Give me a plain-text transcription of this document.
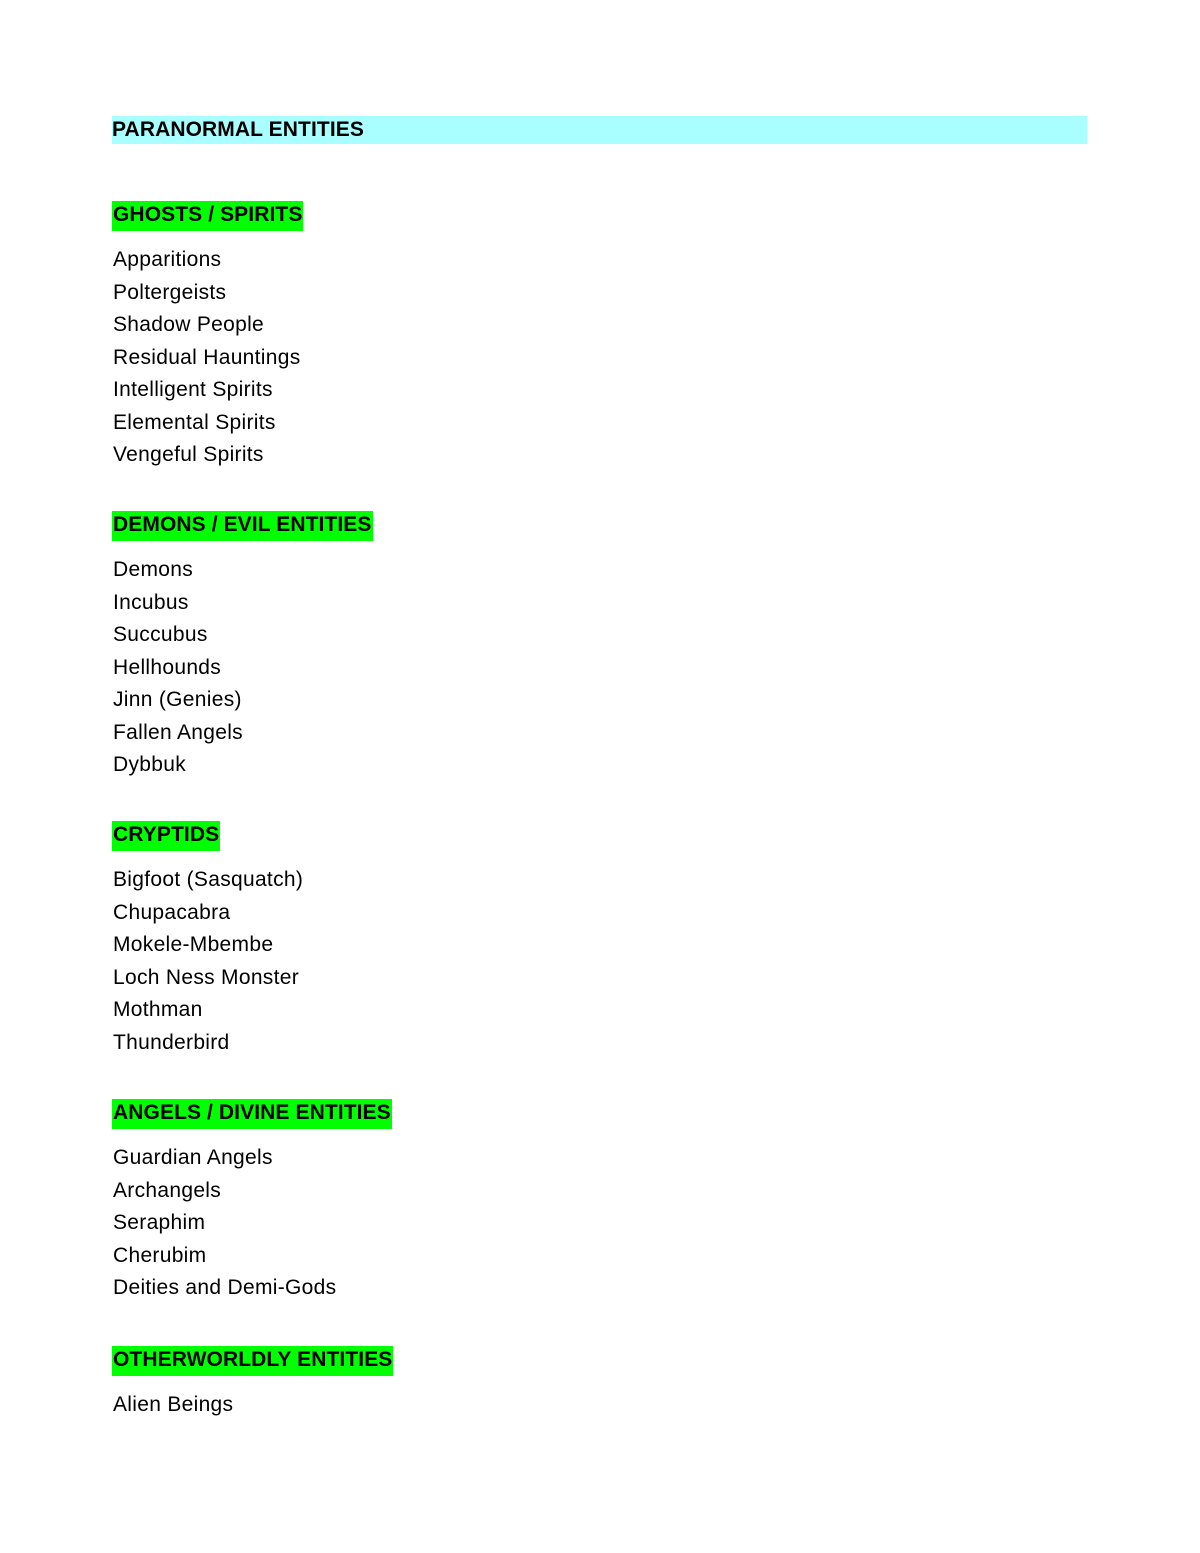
PARANORMAL ENTITIES
GHOSTS / SPIRITS
Apparitions
Poltergeists
Shadow People
Residual Hauntings
Intelligent Spirits
Elemental Spirits
Vengeful Spirits
DEMONS / EVIL ENTITIES
Demons
Incubus
Succubus
Hellhounds
Jinn (Genies)
Fallen Angels
Dybbuk
CRYPTIDS
Bigfoot (Sasquatch)
Chupacabra
Mokele-Mbembe
Loch Ness Monster
Mothman
Thunderbird
ANGELS / DIVINE ENTITIES
Guardian Angels
Archangels
Seraphim
Cherubim
Deities and Demi-Gods
OTHERWORLDLY ENTITIES
Alien Beings
